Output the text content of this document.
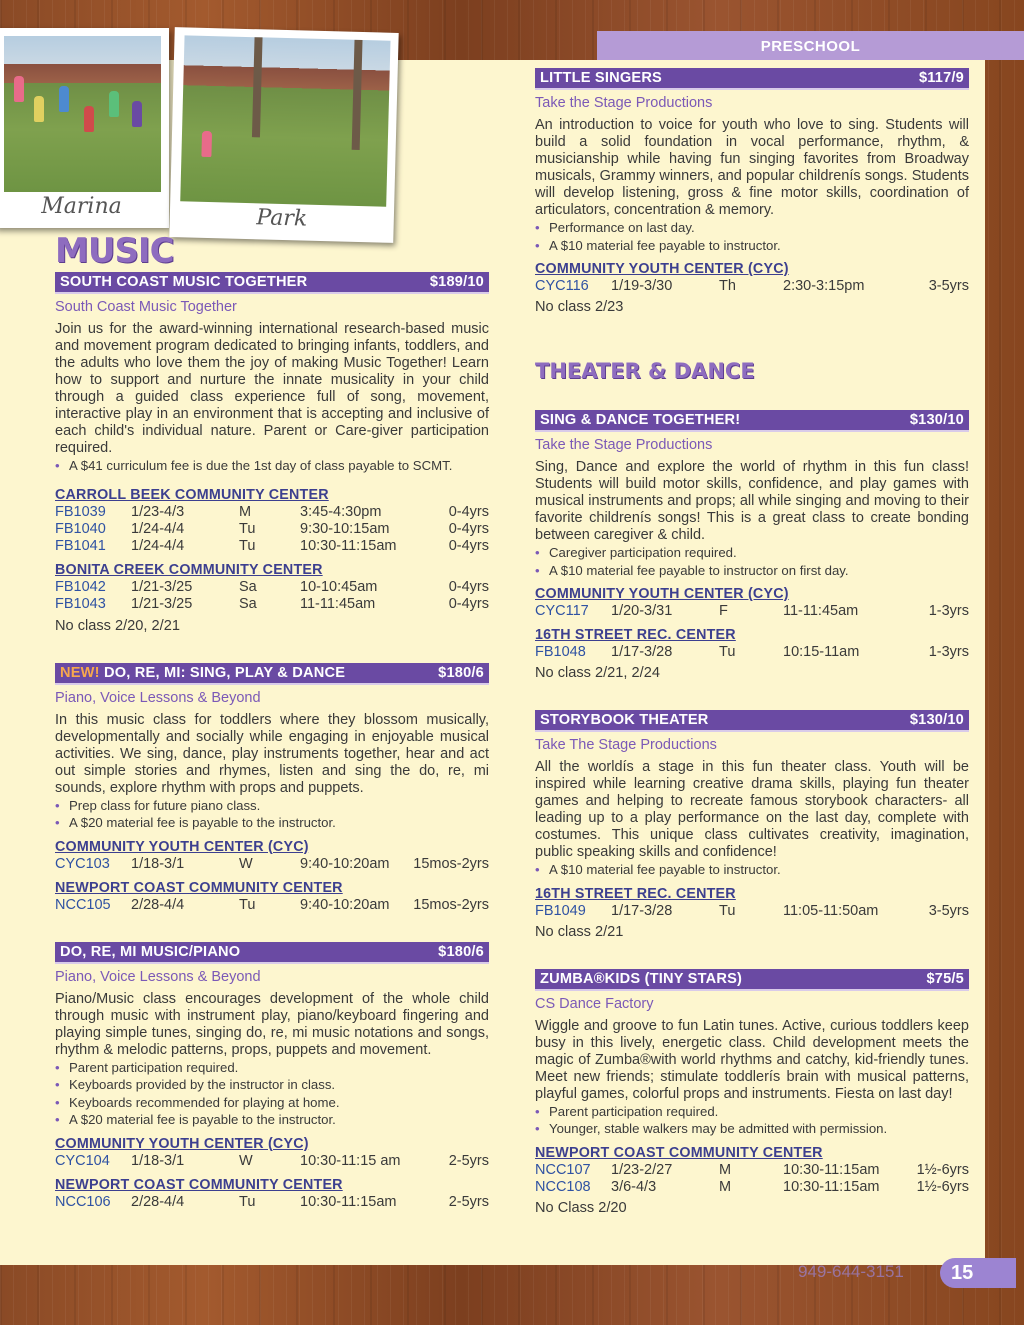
PRESCHOOL
Marina	Park
MUSIC
SOUTH COAST MUSIC TOGETHER	$189/10
South Coast Music Together
Join us for the award-winning international research-based music and movement program dedicated to bringing infants, toddlers, and the adults who love them the joy of making Music Together! Learn how to support and nurture the innate musicality in your child through a guided class experience full of song, movement, interactive play in an environment that is accepting and inclusive of each child's individual nature. Parent or Care-giver participation required.
• A $41 curriculum fee is due the 1st day of class payable to SCMT.
CARROLL BEEK COMMUNITY CENTER
FB1039	1/23-4/3	M	3:45-4:30pm	0-4yrs
FB1040	1/24-4/4	Tu	9:30-10:15am	0-4yrs
FB1041	1/24-4/4	Tu	10:30-11:15am	0-4yrs
BONITA CREEK COMMUNITY CENTER
FB1042	1/21-3/25	Sa	10-10:45am	0-4yrs
FB1043	1/21-3/25	Sa	11-11:45am	0-4yrs
No class 2/20, 2/21
NEW! DO, RE, MI: SING, PLAY & DANCE	$180/6
Piano, Voice Lessons & Beyond
In this music class for toddlers where they blossom musically, developmentally and socially while engaging in enjoyable musical activities. We sing, dance, play instruments together, hear and act out simple stories and rhymes, listen and sing the do, re, mi sounds, explore rhythm with props and puppets.
• Prep class for future piano class.
• A $20 material fee is payable to the instructor.
COMMUNITY YOUTH CENTER (CYC)
CYC103	1/18-3/1	W	9:40-10:20am	15mos-2yrs
NEWPORT COAST COMMUNITY CENTER
NCC105	2/28-4/4	Tu	9:40-10:20am	15mos-2yrs
DO, RE, MI MUSIC/PIANO	$180/6
Piano, Voice Lessons & Beyond
Piano/Music class encourages development of the whole child through music with instrument play, piano/keyboard fingering and playing simple tunes, singing do, re, mi music notations and songs, rhythm & melodic patterns, props, puppets and movement.
• Parent participation required.
• Keyboards provided by the instructor in class.
• Keyboards recommended for playing at home.
• A $20 material fee is payable to the instructor.
COMMUNITY YOUTH CENTER (CYC)
CYC104	1/18-3/1	W	10:30-11:15 am	2-5yrs
NEWPORT COAST COMMUNITY CENTER
NCC106	2/28-4/4	Tu	10:30-11:15am	2-5yrs
LITTLE SINGERS	$117/9
Take the Stage Productions
An introduction to voice for youth who love to sing. Students will build a solid foundation in vocal performance, rhythm, & musicianship while having fun singing favorites from Broadway musicals, Grammy winners, and popular childrenís songs. Students will develop listening, gross & fine motor skills, coordination of articulators, concentration & memory.
• Performance on last day.
• A $10 material fee payable to instructor.
COMMUNITY YOUTH CENTER (CYC)
CYC116	1/19-3/30	Th	2:30-3:15pm	3-5yrs
No class 2/23
THEATER & DANCE
SING & DANCE TOGETHER!	$130/10
Take the Stage Productions
Sing, Dance and explore the world of rhythm in this fun class! Students will build motor skills, confidence, and play games with musical instruments and props; all while singing and moving to their favorite childrenís songs! This is a great class to create bonding between caregiver & child.
• Caregiver participation required.
• A $10 material fee payable to instructor on first day.
COMMUNITY YOUTH CENTER (CYC)
CYC117	1/20-3/31	F	11-11:45am	1-3yrs
16TH STREET REC. CENTER
FB1048	1/17-3/28	Tu	10:15-11am	1-3yrs
No class 2/21, 2/24
STORYBOOK THEATER	$130/10
Take The Stage Productions
All the worldís a stage in this fun theater class. Youth will be inspired while learning creative drama skills, playing fun theater games and helping to recreate famous storybook characters- all leading up to a play performance on the last day, complete with costumes. This unique class cultivates creativity, imagination, public speaking skills and confidence!
• A $10 material fee payable to instructor.
16TH STREET REC. CENTER
FB1049	1/17-3/28	Tu	11:05-11:50am	3-5yrs
No class 2/21
ZUMBA®KIDS (TINY STARS)	$75/5
CS Dance Factory
Wiggle and groove to fun Latin tunes. Active, curious toddlers keep busy in this lively, energetic class. Child development meets the magic of Zumba®with world rhythms and catchy, kid-friendly tunes. Meet new friends; stimulate toddlerís brain with musical patterns, playful games, colorful props and instruments. Fiesta on last day!
• Parent participation required.
• Younger, stable walkers may be admitted with permission.
NEWPORT COAST COMMUNITY CENTER
NCC107	1/23-2/27	M	10:30-11:15am	1½-6yrs
NCC108	3/6-4/3	M	10:30-11:15am	1½-6yrs
No Class 2/20
949-644-3151 15
